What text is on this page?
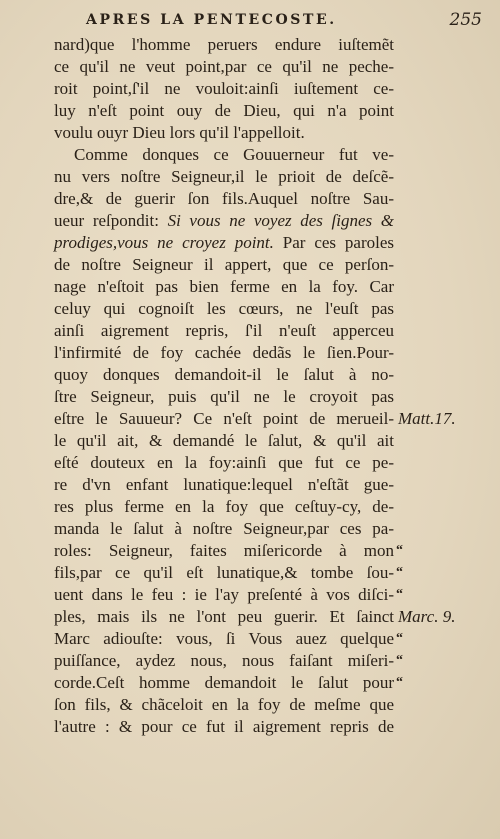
APRES LA PENTECOSTE.	255
nard)que l'homme peruers endure iuſtemẽt
ce qu'il ne veut point,par ce qu'il ne peche-
roit point,ſ'il ne vouloit:ainſi iuſtement ce-
luy n'eſt point ouy de Dieu, qui n'a point
voulu ouyr Dieu lors qu'il l'appelloit.
Comme donques ce Gouuerneur fut ve-
nu vers noſtre Seigneur,il le prioit de deſcẽ-
dre,& de guerir ſon fils.Auquel noſtre Sau-
ueur reſpondit: Si vous ne voyez des ſignes &
prodiges,vous ne croyez point. Par ces paroles
de noſtre Seigneur il appert, que ce perſon-
nage n'eſtoit pas bien ferme en la foy. Car
celuy qui cognoiſt les cœurs, ne l'euſt pas
ainſi aigrement repris, ſ'il n'euſt apperceu
l'infirmité de foy cachée dedãs le ſien.Pour-
quoy donques demandoit-il le ſalut à no-
ſtre Seigneur, puis qu'il ne le croyoit pas
eſtre le Sauueur? Ce n'eſt point de merueil-
le qu'il ait, & demandé le ſalut, & qu'il ait
eſté douteux en la foy:ainſi que fut ce pe-
re d'vn enfant lunatique:lequel n'eſtãt gue-
res plus ferme en la foy que ceſtuy-cy, de-
manda le ſalut à noſtre Seigneur,par ces pa-
roles: Seigneur, faites miſericorde à mon
fils,par ce qu'il eſt lunatique,& tombe ſou-
uent dans le feu : ie l'ay preſenté à vos diſci-
ples, mais ils ne l'ont peu guerir. Et ſainct
Marc adiouſte: vous, ſi Vous auez quelque
puiſſance, aydez nous, nous faiſant miſeri-
corde.Ceſt homme demandoit le ſalut pour
ſon fils, & chãceloit en la foy de meſme que
l'autre : & pour ce fut il aigrement repris de
Matt.17.
“
“
“
Marc. 9.
“
“
“
